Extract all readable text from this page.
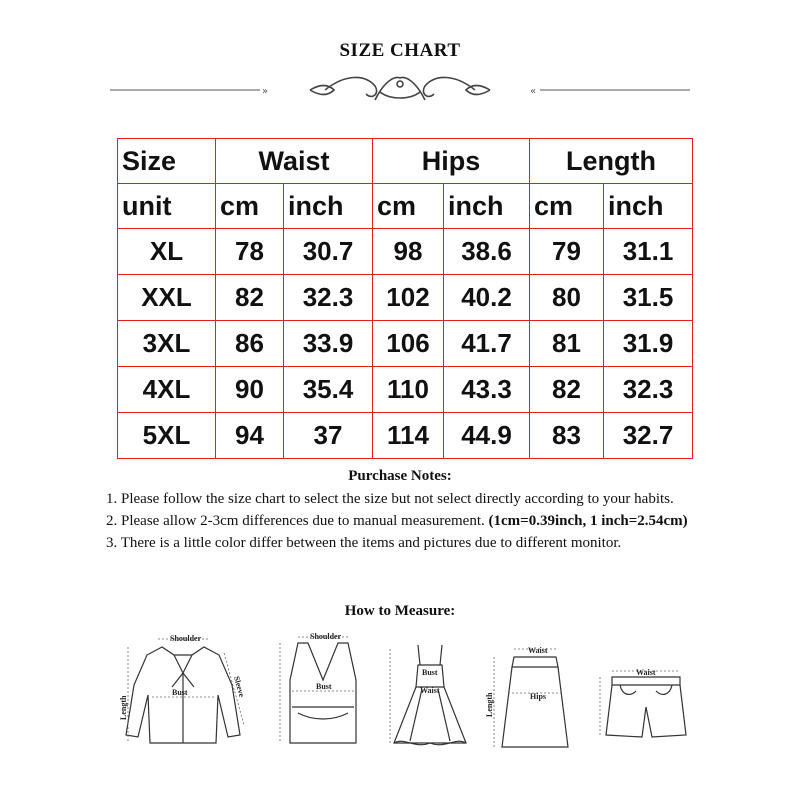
SIZE CHART
»	«
Size	Waist		Hips		Length	
unit	cm	inch	cm	inch	cm	inch
XL	78	30.7	98	38.6	79	31.1
XXL	82	32.3	102	40.2	80	31.5
3XL	86	33.9	106	41.7	81	31.9
4XL	90	35.4	110	43.3	82	32.3
5XL	94	37	114	44.9	83	32.7
Purchase Notes:

1. Please follow the size chart to select the size but not select directly according to your habits.

2. Please allow 2-3cm differences due to manual measurement. (1cm=0.39inch, 1 inch=2.54cm)

3. There is a little color differ between the items and pictures due to different monitor.

How to Measure:
Shoulder
Bust
Length
Sleeve
Shoulder
Bust
Bust
Waist
Waist
Hips
Length
Waist
